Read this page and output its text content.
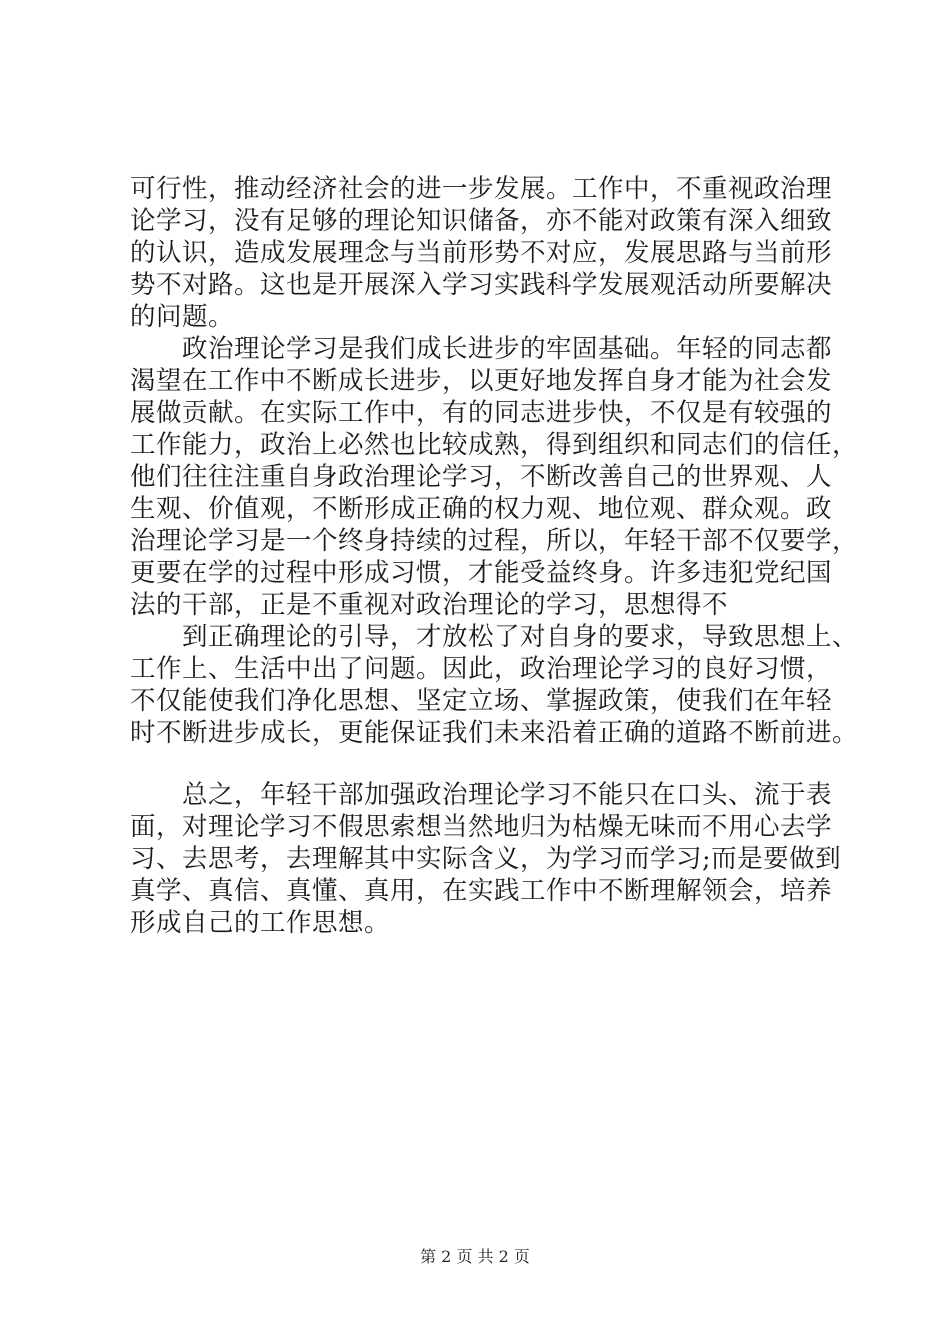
可行性，推动经济社会的进一步发展。工作中，不重视政治理
论学习，没有足够的理论知识储备，亦不能对政策有深入细致
的认识，造成发展理念与当前形势不对应，发展思路与当前形
势不对路。这也是开展深入学习实践科学发展观活动所要解决
的问题。
政治理论学习是我们成长进步的牢固基础。年轻的同志都
渴望在工作中不断成长进步，以更好地发挥自身才能为社会发
展做贡献。在实际工作中，有的同志进步快，不仅是有较强的
工作能力，政治上必然也比较成熟，得到组织和同志们的信任，
他们往往注重自身政治理论学习，不断改善自己的世界观、人
生观、价值观，不断形成正确的权力观、地位观、群众观。政
治理论学习是一个终身持续的过程，所以，年轻干部不仅要学，
更要在学的过程中形成习惯，才能受益终身。许多违犯党纪国
法的干部，正是不重视对政治理论的学习，思想得不
到正确理论的引导，才放松了对自身的要求，导致思想上、
工作上、生活中出了问题。因此，政治理论学习的良好习惯，
不仅能使我们净化思想、坚定立场、掌握政策，使我们在年轻
时不断进步成长，更能保证我们未来沿着正确的道路不断前进。
总之，年轻干部加强政治理论学习不能只在口头、流于表
面，对理论学习不假思索想当然地归为枯燥无味而不用心去学
习、去思考，去理解其中实际含义，为学习而学习;而是要做到
真学、真信、真懂、真用，在实践工作中不断理解领会，培养
形成自己的工作思想。
第 2 页 共 2 页
